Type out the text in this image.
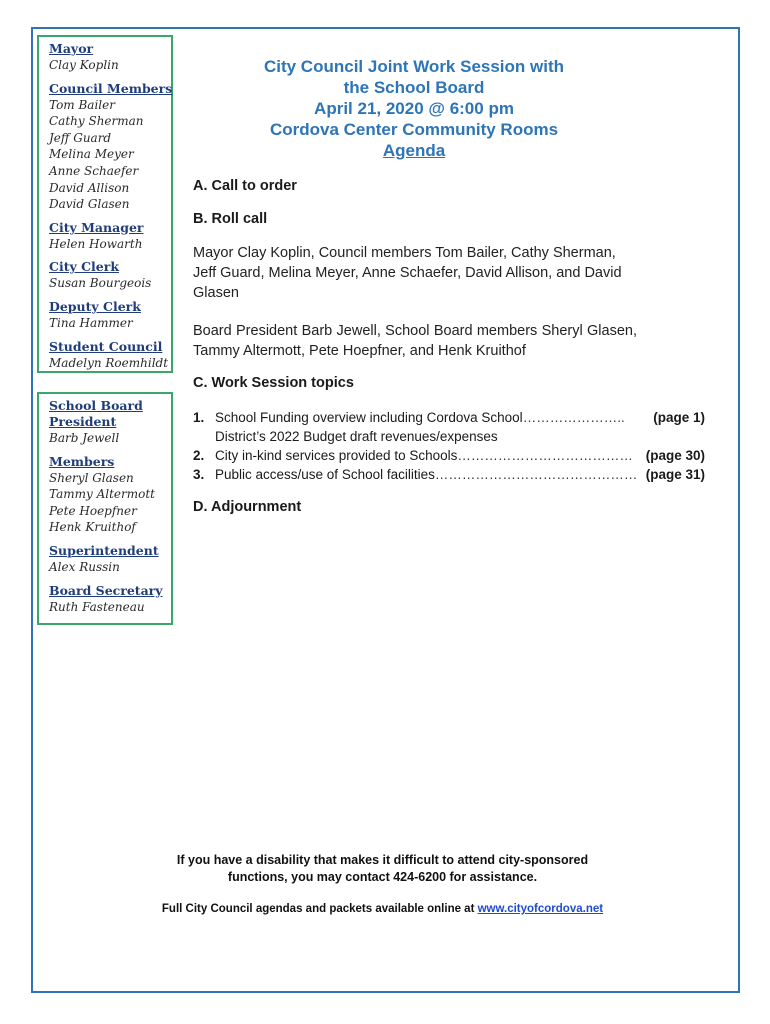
Mayor
Clay Koplin
Council Members
Tom Bailer
Cathy Sherman
Jeff Guard
Melina Meyer
Anne Schaefer
David Allison
David Glasen
City Manager
Helen Howarth
City Clerk
Susan Bourgeois
Deputy Clerk
Tina Hammer
Student Council
Madelyn Roemhildt
School Board
President
Barb Jewell
Members
Sheryl Glasen
Tammy Altermott
Pete Hoepfner
Henk Kruithof
Superintendent
Alex Russin
Board Secretary
Ruth Fasteneau
City Council Joint Work Session with
the School Board
April 21, 2020 @ 6:00 pm
Cordova Center Community Rooms
Agenda
A. Call to order
B. Roll call
Mayor Clay Koplin, Council members Tom Bailer, Cathy Sherman, Jeff Guard, Melina Meyer, Anne Schaefer, David Allison, and David Glasen
Board President Barb Jewell, School Board members Sheryl Glasen, Tammy Altermott, Pete Hoepfner, and Henk Kruithof
C. Work Session topics
1. School Funding overview including Cordova School………………….. (page 1)
District’s 2022 Budget draft revenues/expenses
2. City in-kind services provided to Schools………………………………… (page 30)
3. Public access/use of School facilities……………………………………… (page 31)
D. Adjournment
If you have a disability that makes it difficult to attend city-sponsored
functions, you may contact 424-6200 for assistance.
Full City Council agendas and packets available online at www.cityofcordova.net
